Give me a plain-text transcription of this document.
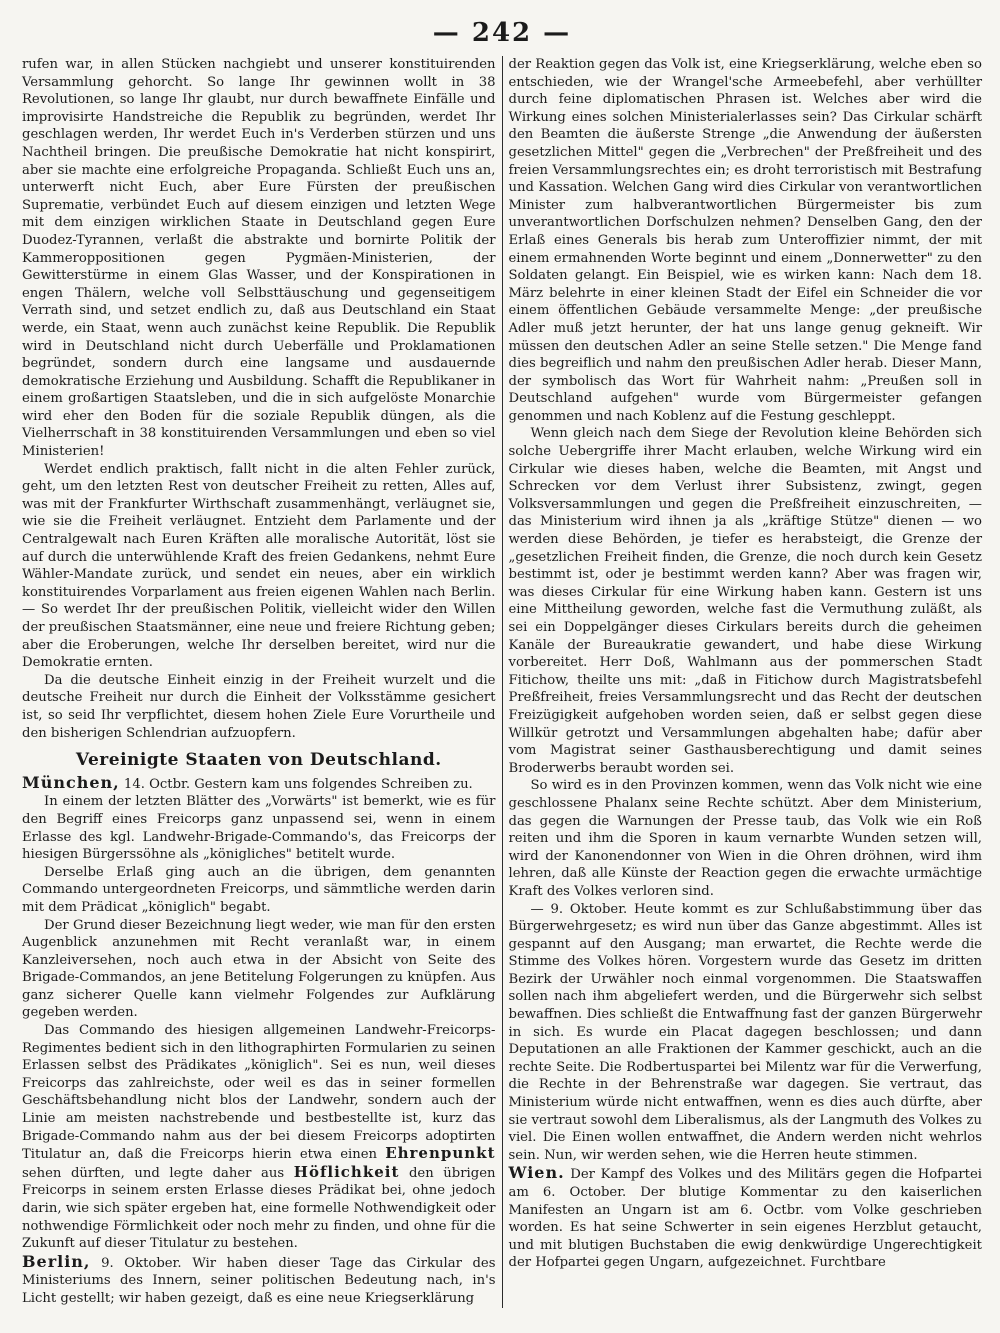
— 242 —

rufen war, in allen Stücken nachgiebt und unserer konstituirenden Versammlung gehorcht. So lange Ihr gewinnen wollt in 38 Revolutionen, so lange Ihr glaubt, nur durch bewaffnete Einfälle und improvisirte Handstreiche die Republik zu begründen, werdet Ihr geschlagen werden, Ihr werdet Euch in's Verderben stürzen und uns Nachtheil bringen. Die preußische Demokratie hat nicht konspirirt, aber sie machte eine erfolgreiche Propaganda. Schließt Euch uns an, unterwerft nicht Euch, aber Eure Fürsten der preußischen Suprematie, verbündet Euch auf diesem einzigen und letzten Wege mit dem einzigen wirklichen Staate in Deutschland gegen Eure Duodez-Tyrannen, verlaßt die abstrakte und bornirte Politik der Kammeroppositionen gegen Pygmäen-Ministerien, der Gewitterstürme in einem Glas Wasser, und der Konspirationen in engen Thälern, welche voll Selbsttäuschung und gegenseitigem Verrath sind, und setzet endlich zu, daß aus Deutschland ein Staat werde, ein Staat, wenn auch zunächst keine Republik. Die Republik wird in Deutschland nicht durch Ueberfälle und Proklamationen begründet, sondern durch eine langsame und ausdauernde demokratische Erziehung und Ausbildung. Schafft die Republikaner in einem großartigen Staatsleben, und die in sich aufgelöste Monarchie wird eher den Boden für die soziale Republik düngen, als die Vielherrschaft in 38 konstituirenden Versammlungen und eben so viel Ministerien!

Werdet endlich praktisch, fallt nicht in die alten Fehler zurück, geht, um den letzten Rest von deutscher Freiheit zu retten, Alles auf, was mit der Frankfurter Wirthschaft zusammenhängt, verläugnet sie, wie sie die Freiheit verläugnet. Entzieht dem Parlamente und der Centralgewalt nach Euren Kräften alle moralische Autorität, löst sie auf durch die unterwühlende Kraft des freien Gedankens, nehmt Eure Wähler-Mandate zurück, und sendet ein neues, aber ein wirklich konstituirendes Vorparlament aus freien eigenen Wahlen nach Berlin. — So werdet Ihr der preußischen Politik, vielleicht wider den Willen der preußischen Staatsmänner, eine neue und freiere Richtung geben; aber die Eroberungen, welche Ihr derselben bereitet, wird nur die Demokratie ernten.

Da die deutsche Einheit einzig in der Freiheit wurzelt und die deutsche Freiheit nur durch die Einheit der Volksstämme gesichert ist, so seid Ihr verpflichtet, diesem hohen Ziele Eure Vorurtheile und den bisherigen Schlendrian aufzuopfern.

Vereinigte Staaten von Deutschland.

München, 14. Octbr. Gestern kam uns folgendes Schreiben zu.

In einem der letzten Blätter des „Vorwärts" ist bemerkt, wie es für den Begriff eines Freicorps ganz unpassend sei, wenn in einem Erlasse des kgl. Landwehr-Brigade-Commando's, das Freicorps der hiesigen Bürgerssöhne als „königliches" betitelt wurde.

Derselbe Erlaß ging auch an die übrigen, dem genannten Commando untergeordneten Freicorps, und sämmtliche werden darin mit dem Prädicat „königlich" begabt.

Der Grund dieser Bezeichnung liegt weder, wie man für den ersten Augenblick anzunehmen mit Recht veranlaßt war, in einem Kanzleiversehen, noch auch etwa in der Absicht von Seite des Brigade-Commandos, an jene Betitelung Folgerungen zu knüpfen. Aus ganz sicherer Quelle kann vielmehr Folgendes zur Aufklärung gegeben werden.

Das Commando des hiesigen allgemeinen Landwehr-Freicorps-Regimentes bedient sich in den lithographirten Formularien zu seinen Erlassen selbst des Prädikates „königlich". Sei es nun, weil dieses Freicorps das zahlreichste, oder weil es das in seiner formellen Geschäftsbehandlung nicht blos der Landwehr, sondern auch der Linie am meisten nachstrebende und bestbestellte ist, kurz das Brigade-Commando nahm aus der bei diesem Freicorps adoptirten Titulatur an, daß die Freicorps hierin etwa einen Ehrenpunkt sehen dürften, und legte daher aus Höflichkeit den übrigen Freicorps in seinem ersten Erlasse dieses Prädikat bei, ohne jedoch darin, wie sich später ergeben hat, eine formelle Nothwendigkeit oder nothwendige Förmlichkeit oder noch mehr zu finden, und ohne für die Zukunft auf dieser Titulatur zu bestehen.

Berlin, 9. Oktober. Wir haben dieser Tage das Cirkular des Ministeriums des Innern, seiner politischen Bedeutung nach, in's Licht gestellt; wir haben gezeigt, daß es eine neue Kriegserklärung

der Reaktion gegen das Volk ist, eine Kriegserklärung, welche eben so entschieden, wie der Wrangel'sche Armeebefehl, aber verhüllter durch feine diplomatischen Phrasen ist. Welches aber wird die Wirkung eines solchen Ministerialerlasses sein? Das Cirkular schärft den Beamten die äußerste Strenge „die Anwendung der äußersten gesetzlichen Mittel" gegen die „Verbrechen" der Preßfreiheit und des freien Versammlungsrechtes ein; es droht terroristisch mit Bestrafung und Kassation. Welchen Gang wird dies Cirkular von verantwortlichen Minister zum halbverantwortlichen Bürgermeister bis zum unverantwortlichen Dorfschulzen nehmen? Denselben Gang, den der Erlaß eines Generals bis herab zum Unteroffizier nimmt, der mit einem ermahnenden Worte beginnt und einem „Donnerwetter" zu den Soldaten gelangt. Ein Beispiel, wie es wirken kann: Nach dem 18. März belehrte in einer kleinen Stadt der Eifel ein Schneider die vor einem öffentlichen Gebäude versammelte Menge: „der preußische Adler muß jetzt herunter, der hat uns lange genug gekneift. Wir müssen den deutschen Adler an seine Stelle setzen." Die Menge fand dies begreiflich und nahm den preußischen Adler herab. Dieser Mann, der symbolisch das Wort für Wahrheit nahm: „Preußen soll in Deutschland aufgehen" wurde vom Bürgermeister gefangen genommen und nach Koblenz auf die Festung geschleppt.

Wenn gleich nach dem Siege der Revolution kleine Behörden sich solche Uebergriffe ihrer Macht erlauben, welche Wirkung wird ein Cirkular wie dieses haben, welche die Beamten, mit Angst und Schrecken vor dem Verlust ihrer Subsistenz, zwingt, gegen Volksversammlungen und gegen die Preßfreiheit einzuschreiten, — das Ministerium wird ihnen ja als „kräftige Stütze" dienen — wo werden diese Behörden, je tiefer es herabsteigt, die Grenze der „gesetzlichen Freiheit finden, die Grenze, die noch durch kein Gesetz bestimmt ist, oder je bestimmt werden kann? Aber was fragen wir, was dieses Cirkular für eine Wirkung haben kann. Gestern ist uns eine Mittheilung geworden, welche fast die Vermuthung zuläßt, als sei ein Doppelgänger dieses Cirkulars bereits durch die geheimen Kanäle der Bureaukratie gewandert, und habe diese Wirkung vorbereitet. Herr Doß, Wahlmann aus der pommerschen Stadt Fitichow, theilte uns mit: „daß in Fitichow durch Magistratsbefehl Preßfreiheit, freies Versammlungsrecht und das Recht der deutschen Freizügigkeit aufgehoben worden seien, daß er selbst gegen diese Willkür getrotzt und Versammlungen abgehalten habe; dafür aber vom Magistrat seiner Gasthausberechtigung und damit seines Broderwerbs beraubt worden sei.

So wird es in den Provinzen kommen, wenn das Volk nicht wie eine geschlossene Phalanx seine Rechte schützt. Aber dem Ministerium, das gegen die Warnungen der Presse taub, das Volk wie ein Roß reiten und ihm die Sporen in kaum vernarbte Wunden setzen will, wird der Kanonendonner von Wien in die Ohren dröhnen, wird ihm lehren, daß alle Künste der Reaction gegen die erwachte urmächtige Kraft des Volkes verloren sind.

— 9. Oktober. Heute kommt es zur Schlußabstimmung über das Bürgerwehrgesetz; es wird nun über das Ganze abgestimmt. Alles ist gespannt auf den Ausgang; man erwartet, die Rechte werde die Stimme des Volkes hören. Vorgestern wurde das Gesetz im dritten Bezirk der Urwähler noch einmal vorgenommen. Die Staatswaffen sollen nach ihm abgeliefert werden, und die Bürgerwehr sich selbst bewaffnen. Dies schließt die Entwaffnung fast der ganzen Bürgerwehr in sich. Es wurde ein Placat dagegen beschlossen; und dann Deputationen an alle Fraktionen der Kammer geschickt, auch an die rechte Seite. Die Rodbertuspartei bei Milentz war für die Verwerfung, die Rechte in der Behrenstraße war dagegen. Sie vertraut, das Ministerium würde nicht entwaffnen, wenn es dies auch dürfte, aber sie vertraut sowohl dem Liberalismus, als der Langmuth des Volkes zu viel. Die Einen wollen entwaffnet, die Andern werden nicht wehrlos sein. Nun, wir werden sehen, wie die Herren heute stimmen.

Wien. Der Kampf des Volkes und des Militärs gegen die Hofpartei am 6. October. Der blutige Kommentar zu den kaiserlichen Manifesten an Ungarn ist am 6. Octbr. vom Volke geschrieben worden. Es hat seine Schwerter in sein eigenes Herzblut getaucht, und mit blutigen Buchstaben die ewig denkwürdige Ungerechtigkeit der Hofpartei gegen Ungarn, aufgezeichnet. Furchtbare
